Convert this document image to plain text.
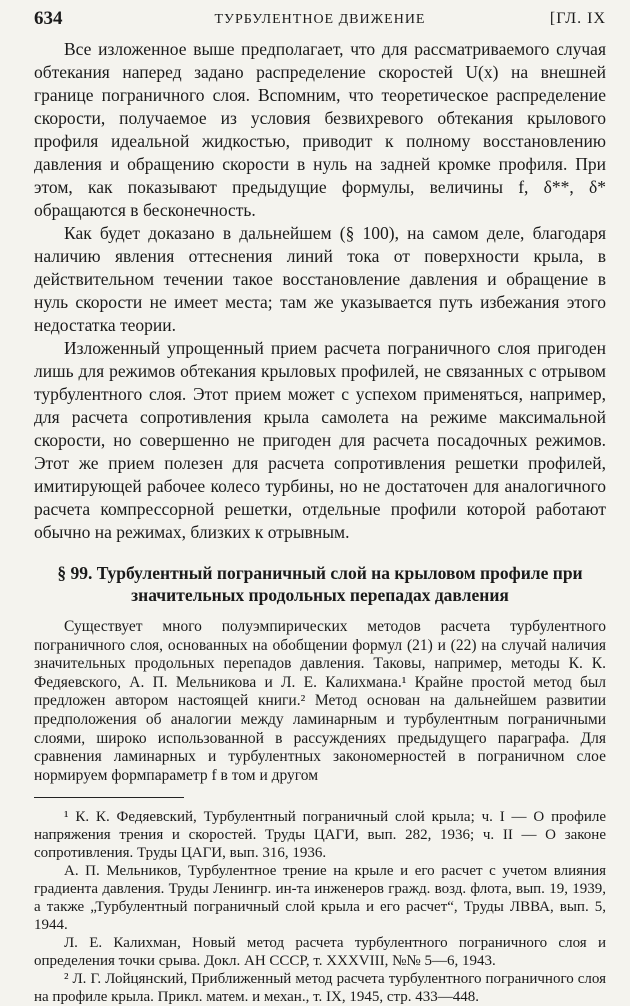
634	ТУРБУЛЕНТНОЕ ДВИЖЕНИЕ	[ГЛ. IX

Все изложенное выше предполагает, что для рассматриваемого случая обтекания наперед задано распределение скоростей U(x) на внешней границе пограничного слоя. Вспомним, что теоретическое распределение скорости, получаемое из условия безвихревого обтекания крылового профиля идеальной жидкостью, приводит к полному восстановлению давления и обращению скорости в нуль на задней кромке профиля. При этом, как показывают предыдущие формулы, величины f, δ**, δ* обращаются в бесконечность.

Как будет доказано в дальнейшем (§ 100), на самом деле, благодаря наличию явления оттеснения линий тока от поверхности крыла, в действительном течении такое восстановление давления и обращение в нуль скорости не имеет места; там же указывается путь избежания этого недостатка теории.

Изложенный упрощенный прием расчета пограничного слоя пригоден лишь для режимов обтекания крыловых профилей, не связанных с отрывом турбулентного слоя. Этот прием может с успехом применяться, например, для расчета сопротивления крыла самолета на режиме максимальной скорости, но совершенно не пригоден для расчета посадочных режимов. Этот же прием полезен для расчета сопротивления решетки профилей, имитирующей рабочее колесо турбины, но не достаточен для аналогичного расчета компрессорной решетки, отдельные профили которой работают обычно на режимах, близких к отрывным.

§ 99. Турбулентный пограничный слой на крыловом профиле при значительных продольных перепадах давления

Существует много полуэмпирических методов расчета турбулентного пограничного слоя, основанных на обобщении формул (21) и (22) на случай наличия значительных продольных перепадов давления. Таковы, например, методы К. К. Федяевского, А. П. Мельникова и Л. Е. Калихмана.¹ Крайне простой метод был предложен автором настоящей книги.² Метод основан на дальнейшем развитии предположения об аналогии между ламинарным и турбулентным пограничными слоями, широко использованной в рассуждениях предыдущего параграфа. Для сравнения ламинарных и турбулентных закономерностей в пограничном слое нормируем формпараметр f в том и другом

¹ К. К. Федяевский, Турбулентный пограничный слой крыла; ч. I — О профиле напряжения трения и скоростей. Труды ЦАГИ, вып. 282, 1936; ч. II — О законе сопротивления. Труды ЦАГИ, вып. 316, 1936.

А. П. Мельников, Турбулентное трение на крыле и его расчет с учетом влияния градиента давления. Труды Ленингр. ин-та инженеров гражд. возд. флота, вып. 19, 1939, а также „Турбулентный пограничный слой крыла и его расчет“, Труды ЛВВА, вып. 5, 1944.

Л. Е. Калихман, Новый метод расчета турбулентного пограничного слоя и определения точки срыва. Докл. АН СССР, т. XXXVIII, №№ 5—6, 1943.

² Л. Г. Лойцянский, Приближенный метод расчета турбулентного пограничного слоя на профиле крыла. Прикл. матем. и механ., т. IX, 1945, стр. 433—448.
